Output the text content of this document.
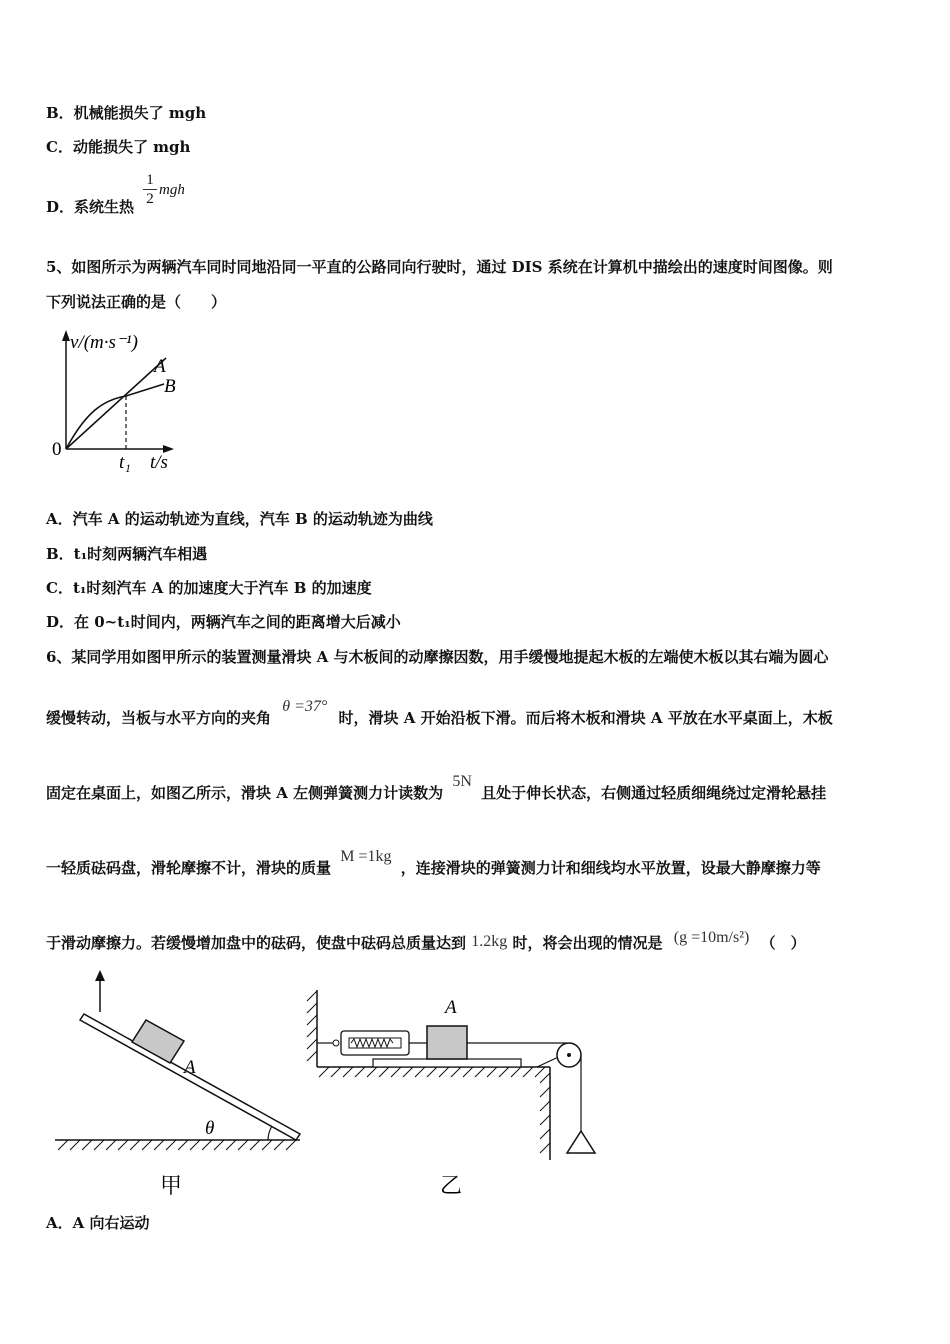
B．机械能损失了 mgh
C．动能损失了 mgh
D．系统生热 $\frac{1}{2}$ mgh
5、如图所示为两辆汽车同时同地沿同一平直的公路同向行驶时，通过 DIS 系统在计算机中描绘出的速度时间图像。则
下列说法正确的是（　　）
v/(m·s⁻¹)
t/s
0
t₁
A
B
A．汽车 A 的运动轨迹为直线，汽车 B 的运动轨迹为曲线
B．t₁时刻两辆汽车相遇
C．t₁时刻汽车 A 的加速度大于汽车 B 的加速度
D．在 0~t₁时间内，两辆汽车之间的距离增大后减小
6、某同学用如图甲所示的装置测量滑块 A 与木板间的动摩擦因数，用手缓慢地提起木板的左端使木板以其右端为圆心
缓慢转动，当板与水平方向的夹角 θ =37° 时，滑块 A 开始沿板下滑。而后将木板和滑块 A 平放在水平桌面上，木板
固定在桌面上，如图乙所示，滑块 A 左侧弹簧测力计读数为 5N 且处于伸长状态，右侧通过轻质细绳绕过定滑轮悬挂
一轻质砝码盘，滑轮摩擦不计，滑块的质量 M =1kg ，连接滑块的弹簧测力计和细线均水平放置，设最大静摩擦力等
于滑动摩擦力。若缓慢增加盘中的砝码，使盘中砝码总质量达到 1.2kg 时，将会出现的情况是 (g =10m/s²) （　）
A
θ
甲
A
乙
A．A 向右运动
